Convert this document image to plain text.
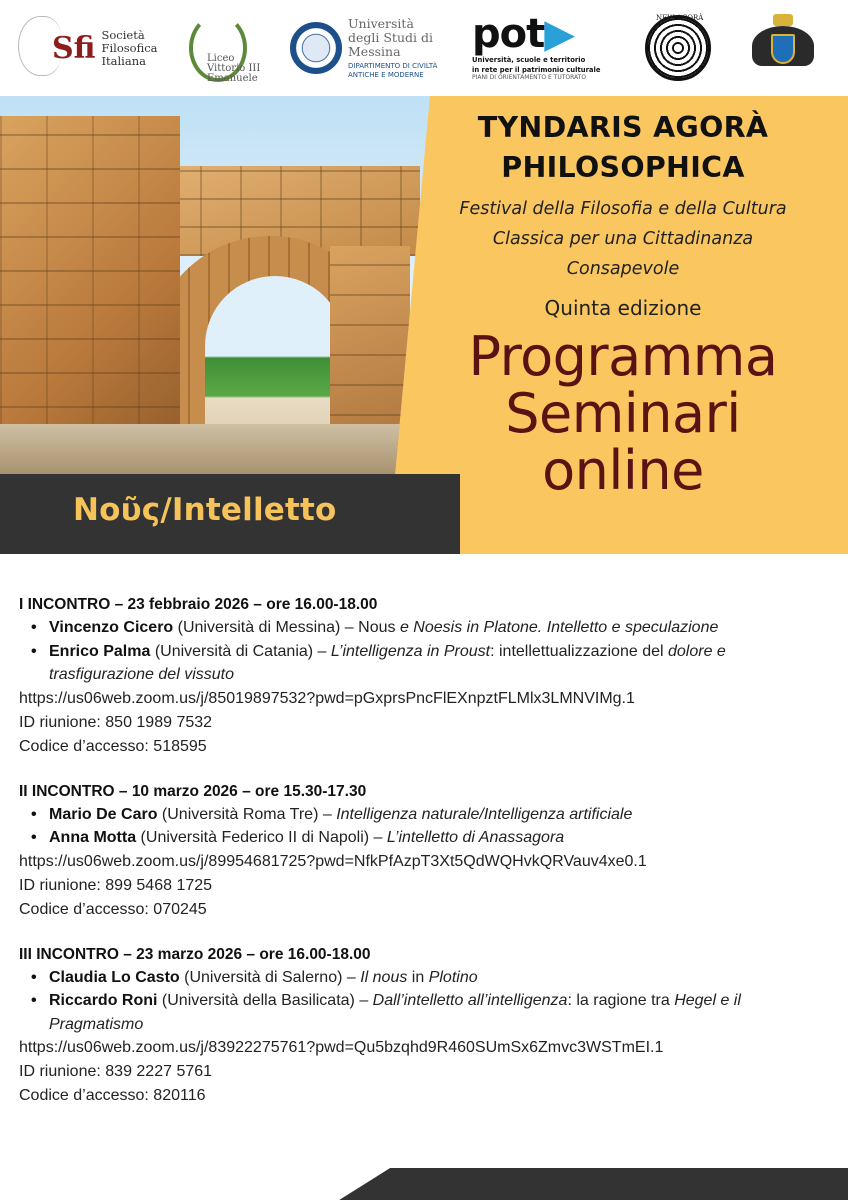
Sfi Società
Filosofica
Italiana	Liceo
Vittorio III
Emanuele
Università
degli Studi di
Messina
DIPARTIMENTO DI CIVILTÀ
ANTICHE E MODERNE
pot▶
Università, scuole e territorio
in rete per il patrimonio culturale
PIANI DI ORIENTAMENTO E TUTORATO
NEW AGORÀ
Νοῦς/Intelletto
TYNDARIS AGORÀ
PHILOSOPHICA
Festival della Filosofia e della Cultura
Classica per una Cittadinanza
Consapevole
Quinta edizione
Programma
Seminari
online
I INCONTRO – 23 febbraio 2026 – ore 16.00-18.00
• Vincenzo Cicero (Università di Messina) – Nous e Noesis in Platone. Intelletto e speculazione
• Enrico Palma (Università di Catania) – L’intelligenza in Proust: intellettualizzazione del dolore e trasfigurazione del vissuto
https://us06web.zoom.us/j/85019897532?pwd=pGxprsPncFlEXnpztFLMlx3LMNVIMg.1
ID riunione: 850 1989 7532
Codice d’accesso: 518595
II INCONTRO – 10 marzo 2026 – ore 15.30-17.30
• Mario De Caro (Università Roma Tre) – Intelligenza naturale/Intelligenza artificiale
• Anna Motta (Università Federico II di Napoli) – L’intelletto di Anassagora
https://us06web.zoom.us/j/89954681725?pwd=NfkPfAzpT3Xt5QdWQHvkQRVauv4xe0.1
ID riunione: 899 5468 1725
Codice d’accesso: 070245
III INCONTRO – 23 marzo 2026 – ore 16.00-18.00
• Claudia Lo Casto (Università di Salerno) – Il nous in Plotino
• Riccardo Roni (Università della Basilicata) – Dall’intelletto all’intelligenza: la ragione tra Hegel e il Pragmatismo
https://us06web.zoom.us/j/83922275761?pwd=Qu5bzqhd9R460SUmSx6Zmvc3WSTmEI.1
ID riunione: 839 2227 5761
Codice d’accesso: 820116
